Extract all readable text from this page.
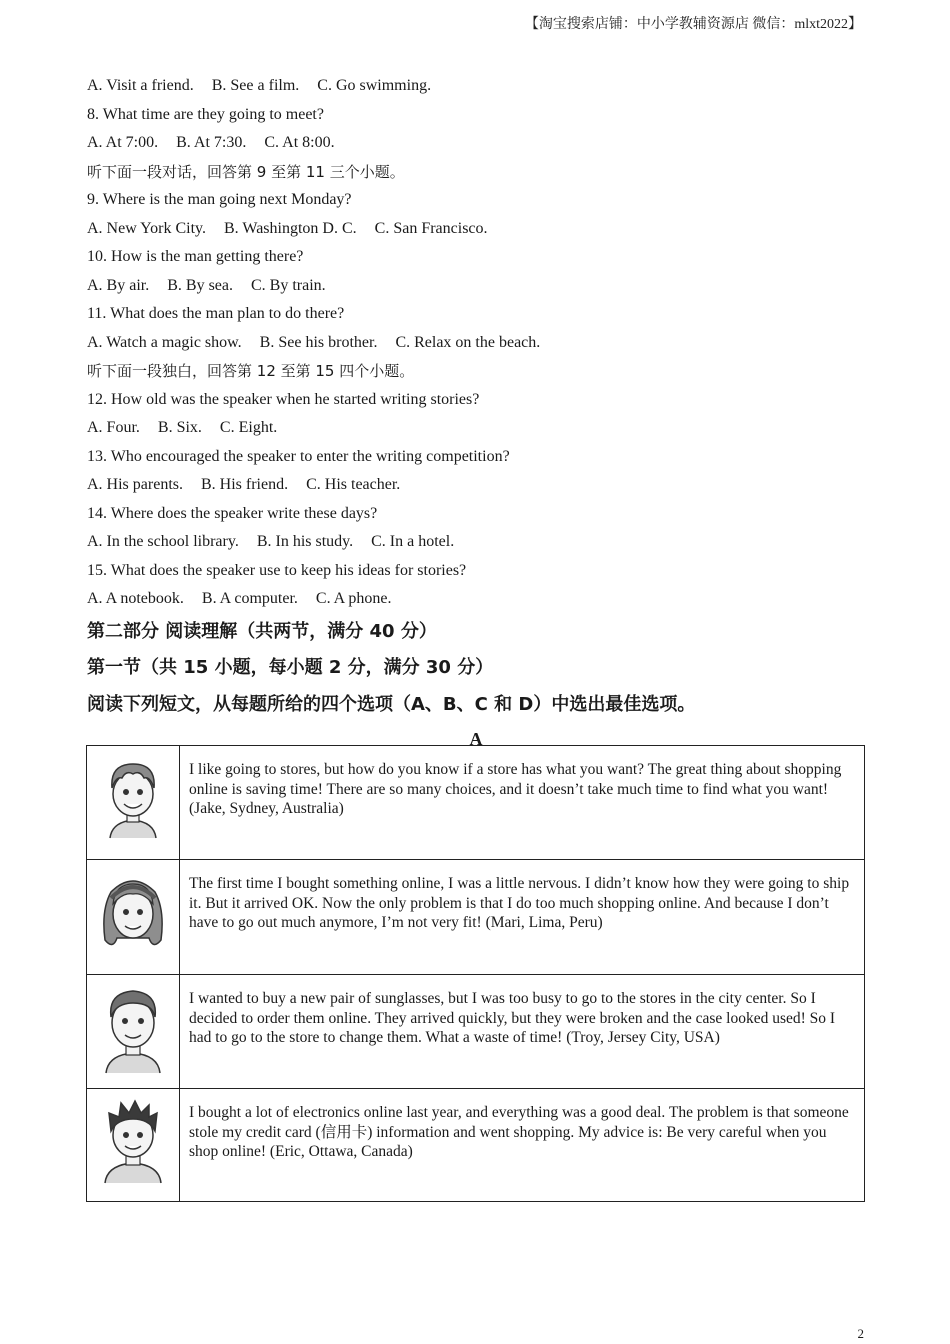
【淘宝搜索店铺：中小学教辅资源店 微信：mlxt2022】
A. Visit a friend. B. See a film. C. Go swimming.
8. What time are they going to meet?
A. At 7:00. B. At 7:30. C. At 8:00.
听下面一段对话，回答第 9 至第 11 三个小题。
9. Where is the man going next Monday?
A. New York City. B. Washington D. C. C. San Francisco.
10. How is the man getting there?
A. By air. B. By sea. C. By train.
11. What does the man plan to do there?
A. Watch a magic show. B. See his brother. C. Relax on the beach.
听下面一段独白，回答第 12 至第 15 四个小题。
12. How old was the speaker when he started writing stories?
A. Four. B. Six. C. Eight.
13. Who encouraged the speaker to enter the writing competition?
A. His parents. B. His friend. C. His teacher.
14. Where does the speaker write these days?
A. In the school library. B. In his study. C. In a hotel.
15. What does the speaker use to keep his ideas for stories?
A. A notebook. B. A computer. C. A phone.
第二部分 阅读理解（共两节，满分 40 分）
第一节（共 15 小题，每小题 2 分，满分 30 分）
阅读下列短文，从每题所给的四个选项（A、B、C 和 D）中选出最佳选项。
A
	I like going to stores, but how do you know if a store has what you want? The great thing about shopping online is saving time! There are so many choices, and it doesn’t take much time to find what you want! (Jake, Sydney, Australia)

	The first time I bought something online, I was a little nervous. I didn’t know how they were going to ship it. But it arrived OK. Now the only problem is that I do too much shopping online. And because I don’t have to go out much anymore, I’m not very fit! (Mari, Lima, Peru)

	I wanted to buy a new pair of sunglasses, but I was too busy to go to the stores in the city center. So I decided to order them online. They arrived quickly, but they were broken and the case looked used! So I had to go to the store to change them. What a waste of time! (Troy, Jersey City, USA)

	I bought a lot of electronics online last year, and everything was a good deal. The problem is that someone stole my credit card (信用卡) information and went shopping. My advice is: Be very careful when you shop online! (Eric, Ottawa, Canada)
2
